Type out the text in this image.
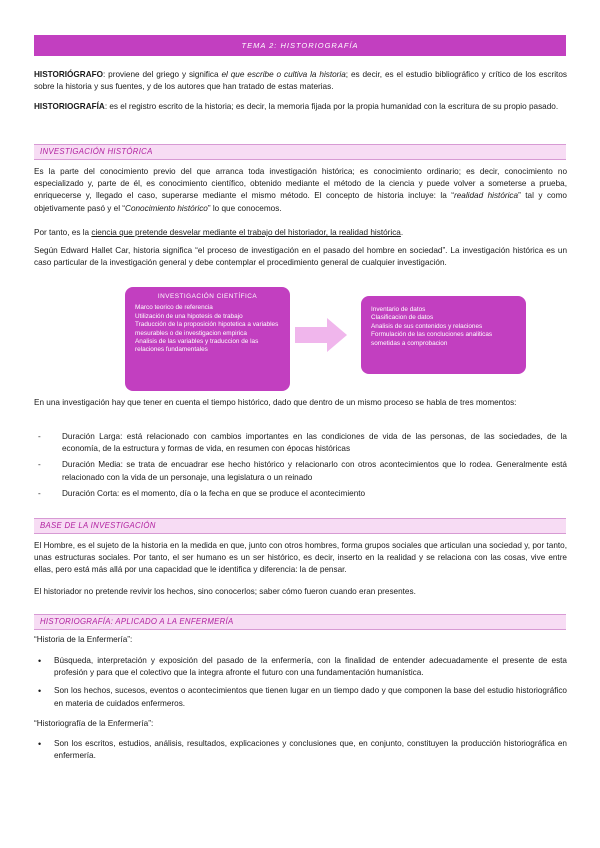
TEMA 2: HISTORIOGRAFÍA

HISTORIÓGRAFO: proviene del griego y significa el que escribe o cultiva la historia; es decir, es el estudio bibliográfico y crítico de los escritos sobre la historia y sus fuentes, y de los autores que han tratado de estas materias.

HISTORIOGRAFÍA: es el registro escrito de la historia; es decir, la memoria fijada por la propia humanidad con la escritura de su propio pasado.

INVESTIGACIÓN HISTÓRICA

Es la parte del conocimiento previo del que arranca toda investigación histórica; es conocimiento ordinario; es decir, conocimiento no especializado y, parte de él, es conocimiento científico, obtenido mediante el método de la ciencia y puede volver a someterse a prueba, enriquecerse y, llegado el caso, superarse mediante el mismo método. El concepto de historia incluye: la “realidad histórica” tal y como objetivamente pasó y el “Conocimiento histórico” lo que conocemos.

Por tanto, es la ciencia que pretende desvelar mediante el trabajo del historiador, la realidad histórica.

Según Edward Hallet Car, historia significa “el proceso de investigación en el pasado del hombre en sociedad”. La investigación histórica es un caso particular de la investigación general y debe contemplar el procedimiento general de cualquier investigación.

INVESTIGACIÓN CIENTÍFICA

Marco teorico de referencia

Utilización de una hipotesis de trabajo

Traducción de la proposición hipotetica a variables mesurables o de investigacion empirica

Analisis de las variables y traduccion de las relaciones fundamentales

Inventario de datos

Clasificacion de datos

Analisis de sus contenidos y relaciones

Formulación de las concluciones analiticas sometidas a comprobacion

En una investigación hay que tener en cuenta el tiempo histórico, dado que dentro de un mismo proceso se habla de tres momentos:

-	Duración Larga: está relacionado con cambios importantes en las condiciones de vida de las personas, de las sociedades, de la economía, de la estructura y formas de vida, en resumen con épocas históricas
-	Duración Media: se trata de encuadrar ese hecho histórico y relacionarlo con otros acontecimientos que lo rodea. Generalmente está relacionado con la vida de un personaje, una legislatura o un reinado
-	Duración Corta: es el momento, día o la fecha en que se produce el acontecimiento
BASE DE LA INVESTIGACIÓN

El Hombre, es el sujeto de la historia en la medida en que, junto con otros hombres, forma grupos sociales que articulan una sociedad y, por tanto, unas estructuras sociales. Por tanto, el ser humano es un ser histórico, es decir, inserto en la realidad y se relaciona con las cosas, vive entre ellas, pero está más allá por una capacidad que le identifica y diferencia: la de pensar.

El historiador no pretende revivir los hechos, sino conocerlos; saber cómo fueron cuando eran presentes.

HISTORIOGRAFÍA: APLICADO A LA ENFERMERÍA

“Historia de la Enfermería”:

• Búsqueda, interpretación y exposición del pasado de la enfermería, con la finalidad de entender adecuadamente el presente de esta profesión y para que el colectivo que la integra afronte el futuro con una fundamentación humanística.
• Son los hechos, sucesos, eventos o acontecimientos que tienen lugar en un tiempo dado y que componen la base del estudio historiográfico en materia de cuidados enfermeros.

“Historiografía de la Enfermería”:

• Son los escritos, estudios, análisis, resultados, explicaciones y conclusiones que, en conjunto, constituyen la producción historiográfica en enfermería.
